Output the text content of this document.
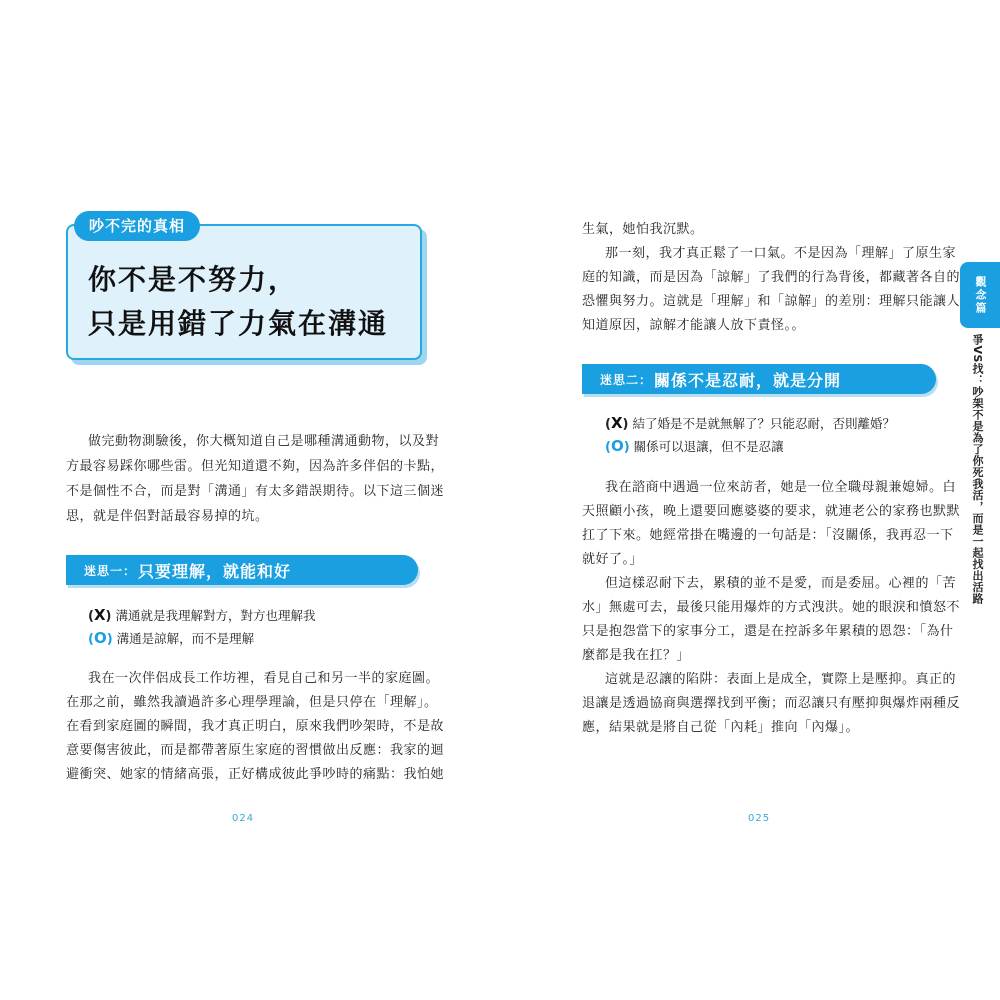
吵不完的真相
你不是不努力，
只是用錯了力氣在溝通
做完動物測驗後，你大概知道自己是哪種溝通動物，以及對
方最容易踩你哪些雷。但光知道還不夠，因為許多伴侶的卡點，
不是個性不合，而是對「溝通」有太多錯誤期待。以下這三個迷
思，就是伴侶對話最容易掉的坑。
迷思一： 只要理解，就能和好
(X) 溝通就是我理解對方，對方也理解我
(O) 溝通是諒解，而不是理解
我在一次伴侶成長工作坊裡，看見自己和另一半的家庭圖。
在那之前，雖然我讀過許多心理學理論，但是只停在「理解」。
在看到家庭圖的瞬間，我才真正明白，原來我們吵架時，不是故
意要傷害彼此，而是都帶著原生家庭的習慣做出反應：我家的迴
避衝突、她家的情緒高張，正好構成彼此爭吵時的痛點：我怕她
024
生氣，她怕我沉默。
那一刻，我才真正鬆了一口氣。不是因為「理解」了原生家
庭的知識，而是因為「諒解」了我們的行為背後，都藏著各自的
恐懼與努力。這就是「理解」和「諒解」的差別：理解只能讓人
知道原因，諒解才能讓人放下責怪。。
迷思二： 關係不是忍耐，就是分開
(X) 結了婚是不是就無解了？只能忍耐，否則離婚？
(O) 關係可以退讓，但不是忍讓
我在諮商中遇過一位來訪者，她是一位全職母親兼媳婦。白
天照顧小孩，晚上還要回應婆婆的要求，就連老公的家務也默默
扛了下來。她經常掛在嘴邊的一句話是：「沒關係，我再忍一下
就好了。」
但這樣忍耐下去，累積的並不是愛，而是委屈。心裡的「苦
水」無處可去，最後只能用爆炸的方式洩洪。她的眼淚和憤怒不
只是抱怨當下的家事分工，還是在控訴多年累積的恩怨：「為什
麼都是我在扛？」
這就是忍讓的陷阱：表面上是成全，實際上是壓抑。真正的
退讓是透過協商與選擇找到平衡；而忍讓只有壓抑與爆炸兩種反
應，結果就是將自己從「內耗」推向「內爆」。
025
觀念篇
爭VS找：吵架不是為了你死我活，而是一起找出活路
